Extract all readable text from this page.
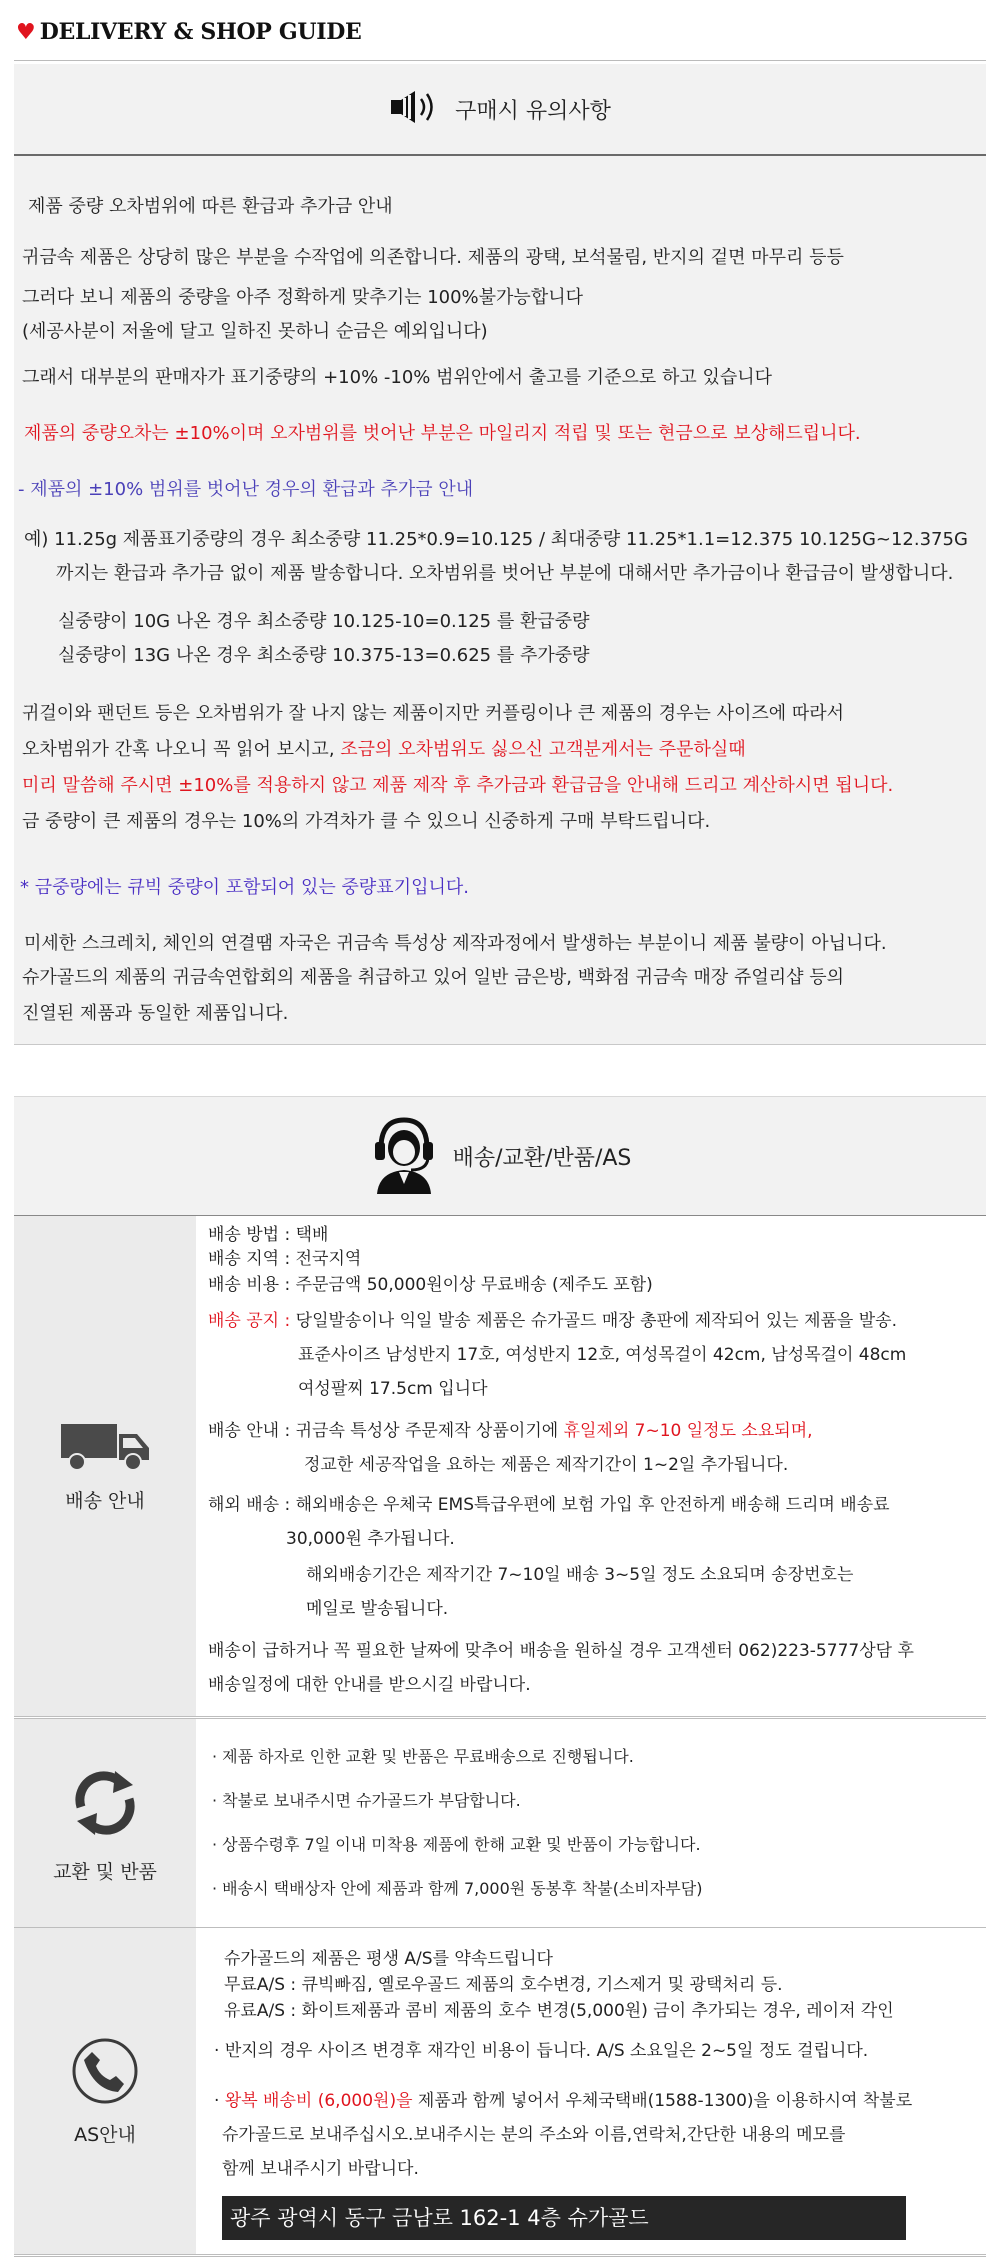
♥ DELIVERY & SHOP GUIDE
구매시 유의사항
제품 중량 오차범위에 따른 환급과 추가금 안내
귀금속 제품은 상당히 많은 부분을 수작업에 의존합니다. 제품의 광택, 보석물림, 반지의 겉면 마무리 등등
그러다 보니 제품의 중량을 아주 정확하게 맞추기는 100%불가능합니다
(세공사분이 저울에 달고 일하진 못하니 순금은 예외입니다)
그래서 대부분의 판매자가 표기중량의 +10% -10% 범위안에서 출고를 기준으로 하고 있습니다
제품의 중량오차는 ±10%이며 오자범위를 벗어난 부분은 마일리지 적립 및 또는 현금으로 보상해드립니다.
- 제품의 ±10% 범위를 벗어난 경우의 환급과 추가금 안내
예) 11.25g 제품표기중량의 경우 최소중량 11.25*0.9=10.125 / 최대중량 11.25*1.1=12.375 10.125G~12.375G
까지는 환급과 추가금 없이 제품 발송합니다. 오차범위를 벗어난 부분에 대해서만 추가금이나 환급금이 발생합니다.
실중량이 10G 나온 경우 최소중량 10.125-10=0.125 를 환급중량
실중량이 13G 나온 경우 최소중량 10.375-13=0.625 를 추가중량
귀걸이와 팬던트 등은 오차범위가 잘 나지 않는 제품이지만 커플링이나 큰 제품의 경우는 사이즈에 따라서
오차범위가 간혹 나오니 꼭 읽어 보시고, 조금의 오차범위도 싫으신 고객분게서는 주문하실때
미리 말씀해 주시면 ±10%를 적용하지 않고 제품 제작 후 추가금과 환급금을 안내해 드리고 계산하시면 됩니다.
금 중량이 큰 제품의 경우는 10%의 가격차가 클 수 있으니 신중하게 구매 부탁드립니다.
* 금중량에는 큐빅 중량이 포함되어 있는 중량표기입니다.
미세한 스크레치, 체인의 연결땜 자국은 귀금속 특성상 제작과정에서 발생하는 부분이니 제품 불량이 아닙니다.
슈가골드의 제품의 귀금속연합회의 제품을 취급하고 있어 일반 금은방, 백화점 귀금속 매장 쥬얼리샵 등의
진열된 제품과 동일한 제품입니다.
배송/교환/반품/AS
배송 안내
배송 방법 : 택배
배송 지역 : 전국지역
배송 비용 : 주문금액 50,000원이상 무료배송 (제주도 포함)
배송 공지 : 당일발송이나 익일 발송 제품은 슈가골드 매장 총판에 제작되어 있는 제품을 발송.
표준사이즈 남성반지 17호, 여성반지 12호, 여성목걸이 42cm, 남성목걸이 48cm
여성팔찌 17.5cm 입니다
배송 안내 : 귀금속 특성상 주문제작 상품이기에 휴일제외 7~10 일정도 소요되며,
정교한 세공작업을 요하는 제품은 제작기간이 1~2일 추가됩니다.
해외 배송 : 해외배송은 우체국 EMS특급우편에 보험 가입 후 안전하게 배송해 드리며 배송료
30,000원 추가됩니다.
해외배송기간은 제작기간 7~10일 배송 3~5일 정도 소요되며 송장번호는
메일로 발송됩니다.
배송이 급하거나 꼭 필요한 날짜에 맞추어 배송을 원하실 경우 고객센터 062)223-5777상담 후
배송일정에 대한 안내를 받으시길 바랍니다.
교환 및 반품
· 제품 하자로 인한 교환 및 반품은 무료배송으로 진행됩니다.
· 착불로 보내주시면 슈가골드가 부담합니다.
· 상품수령후 7일 이내 미착용 제품에 한해 교환 및 반품이 가능합니다.
· 배송시 택배상자 안에 제품과 함께 7,000원 동봉후 착불(소비자부담)
AS안내
슈가골드의 제품은 평생 A/S를 약속드립니다
무료A/S : 큐빅빠짐, 옐로우골드 제품의 호수변경, 기스제거 및 광택처리 등.
유료A/S : 화이트제품과 콤비 제품의 호수 변경(5,000원) 금이 추가되는 경우, 레이저 각인
· 반지의 경우 사이즈 변경후 재각인 비용이 듭니다. A/S 소요일은 2~5일 정도 걸립니다.
· 왕복 배송비 (6,000원)을 제품과 함께 넣어서 우체국택배(1588-1300)을 이용하시여 착불로
슈가골드로 보내주십시오.보내주시는 분의 주소와 이름,연락처,간단한 내용의 메모를
함께 보내주시기 바랍니다.
광주 광역시 동구 금남로 162-1 4층 슈가골드
